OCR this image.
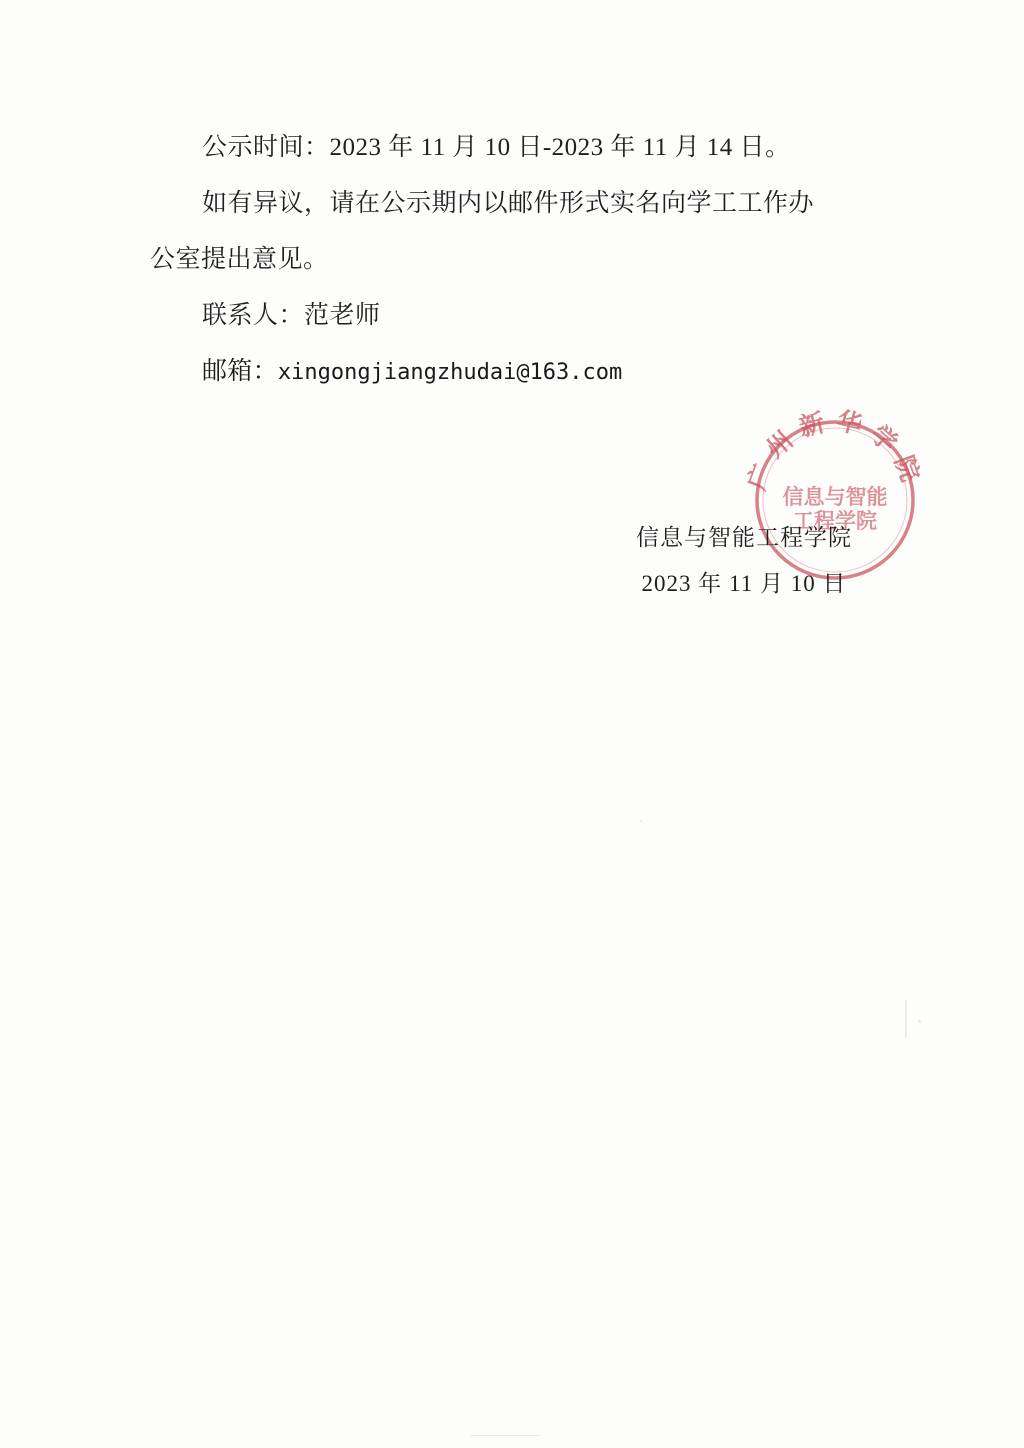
公示时间：2023 年 11 月 10 日-2023 年 11 月 14 日。
如有异议，请在公示期内以邮件形式实名向学工工作办
公室提出意见。
联系人：范老师
邮箱：xingongjiangzhudai@163.com
广州新华学院
信息与智能
工程学院
信息与智能工程学院
2023 年 11 月 10 日
